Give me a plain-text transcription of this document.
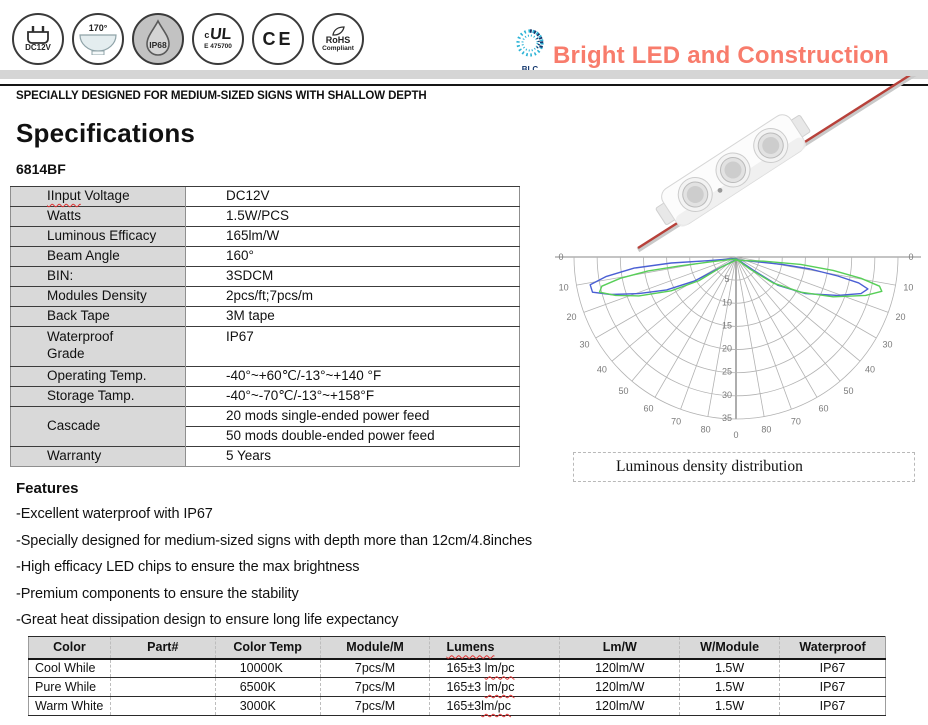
DC12V
170°
IP68
c UL
E 475700 CE	RoHS
Compliant	Bright LED and Construction
SPECIALLY DESIGNED FOR MEDIUM-SIZED SIGNS WITH SHALLOW DEPTH
Specifications
6814BF
IInput Voltage	DC12V
Watts	1.5W/PCS
Luminous Efficacy	165lm/W
Beam Angle	160°
BIN:	3SDCM
Modules Density	2pcs/ft;7pcs/m
Back Tape	3M tape
Waterproof Grade	IP67
Operating Temp.	-40°~+60℃/-13°~+140 °F
Storage Tamp.	-40°~-70℃/-13°~+158°F
Cascade	20 mods single-ended power feed
	50 mods double-ended power feed
Warranty	5 Years
80
80
70
70
60
60
50
50
40
40
30
30
20
20
10
10
0
0
0
5
10
15
20
25
30
35
Luminous density distribution
Features
-Excellent waterproof with IP67
-Specially designed for medium-sized signs with depth more than 12cm/4.8inches
-High efficacy LED chips to ensure the max brightness
-Premium components to ensure the stability
-Great heat dissipation design to ensure long life expectancy
Color	Part#	Color Temp	Module/M	Lumens	Lm/W	W/Module	Waterproof
Cool While		10000K	7pcs/M	165±3 lm/pc	120lm/W	1.5W	IP67
Pure While		6500K	7pcs/M	165±3 lm/pc	120lm/W	1.5W	IP67
Warm White		3000K	7pcs/M	165±3lm/pc	120lm/W	1.5W	IP67
